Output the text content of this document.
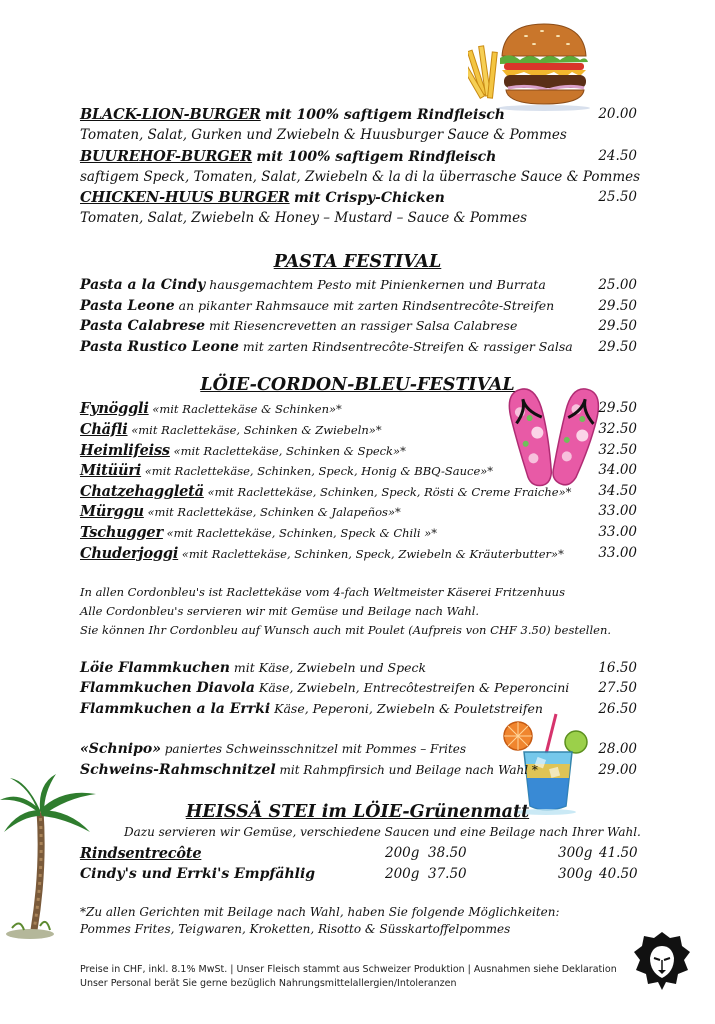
BLACK-LION-BURGER mit 100% saftigem Rindfleisch	20.00
Tomaten, Salat, Gurken und Zwiebeln & Huusburger Sauce & Pommes
BUUREHOF-BURGER mit 100% saftigem Rindfleisch	24.50
saftigem Speck, Tomaten, Salat, Zwiebeln & la di la überrasche Sauce & Pommes
CHICKEN-HUUS BURGER mit Crispy-Chicken	25.50
Tomaten, Salat, Zwiebeln & Honey – Mustard – Sauce & Pommes
PASTA FESTIVAL
Pasta a la Cindy hausgemachtem Pesto mit Pinienkernen und Burrata	25.00
Pasta Leone an pikanter Rahmsauce mit zarten Rindsentrecôte-Streifen	29.50
Pasta Calabrese mit Riesencrevetten an rassiger Salsa Calabrese	29.50
Pasta Rustico Leone mit zarten Rindsentrecôte-Streifen & rassiger Salsa 29.50
LÖIE-CORDON-BLEU-FESTIVAL
Fynöggli «mit Raclettekäse & Schinken»*	29.50
Chäfli «mit Raclettekäse, Schinken & Zwiebeln»*	32.50
Heimlifeiss «mit Raclettekäse, Schinken & Speck»*	32.50
Mitüüri «mit Raclettekäse, Schinken, Speck, Honig & BBQ-Sauce»*	34.00
Chatzehaggletä «mit Raclettekäse, Schinken, Speck, Rösti & Creme Fraiche»* 34.50
Mürggu «mit Raclettekäse, Schinken & Jalapeños»*	33.00
Tschugger «mit Raclettekäse, Schinken, Speck & Chili »*	33.00
Chuderjoggi «mit Raclettekäse, Schinken, Speck, Zwiebeln & Kräuterbutter»*	33.00
In allen Cordonbleu's ist Raclettekäse vom 4-fach Weltmeister Käserei Fritzenhuus
Alle Cordonbleu's servieren wir mit Gemüse und Beilage nach Wahl.
Sie können Ihr Cordonbleu auf Wunsch auch mit Poulet (Aufpreis von CHF 3.50) bestellen.
Löie Flammkuchen mit Käse, Zwiebeln und Speck	16.50
Flammkuchen Diavola Käse, Zwiebeln, Entrecôtestreifen & Peperoncini 27.50
Flammkuchen a la Errki Käse, Peperoni, Zwiebeln & Pouletstreifen	26.50
«Schnipo» paniertes Schweinsschnitzel mit Pommes – Frites	28.00
Schweins-Rahmschnitzel mit Rahmpfirsich und Beilage nach Wahl *	29.00
HEISSÄ STEI im LÖIE-Grünenmatt
Dazu servieren wir Gemüse, verschiedene Saucen und eine Beilage nach Ihrer Wahl.
Rindsentrecôte	200g 38.50	300g 41.50
Cindy's und Errki's Empfählig	200g 37.50	300g 40.50
*Zu allen Gerichten mit Beilage nach Wahl, haben Sie folgende Möglichkeiten:
Pommes Frites, Teigwaren, Kroketten, Risotto & Süsskartoffelpommes
Preise in CHF, inkl. 8.1% MwSt. | Unser Fleisch stammt aus Schweizer Produktion | Ausnahmen siehe Deklaration
Unser Personal berät Sie gerne bezüglich Nahrungsmittelallergien/Intoleranzen
